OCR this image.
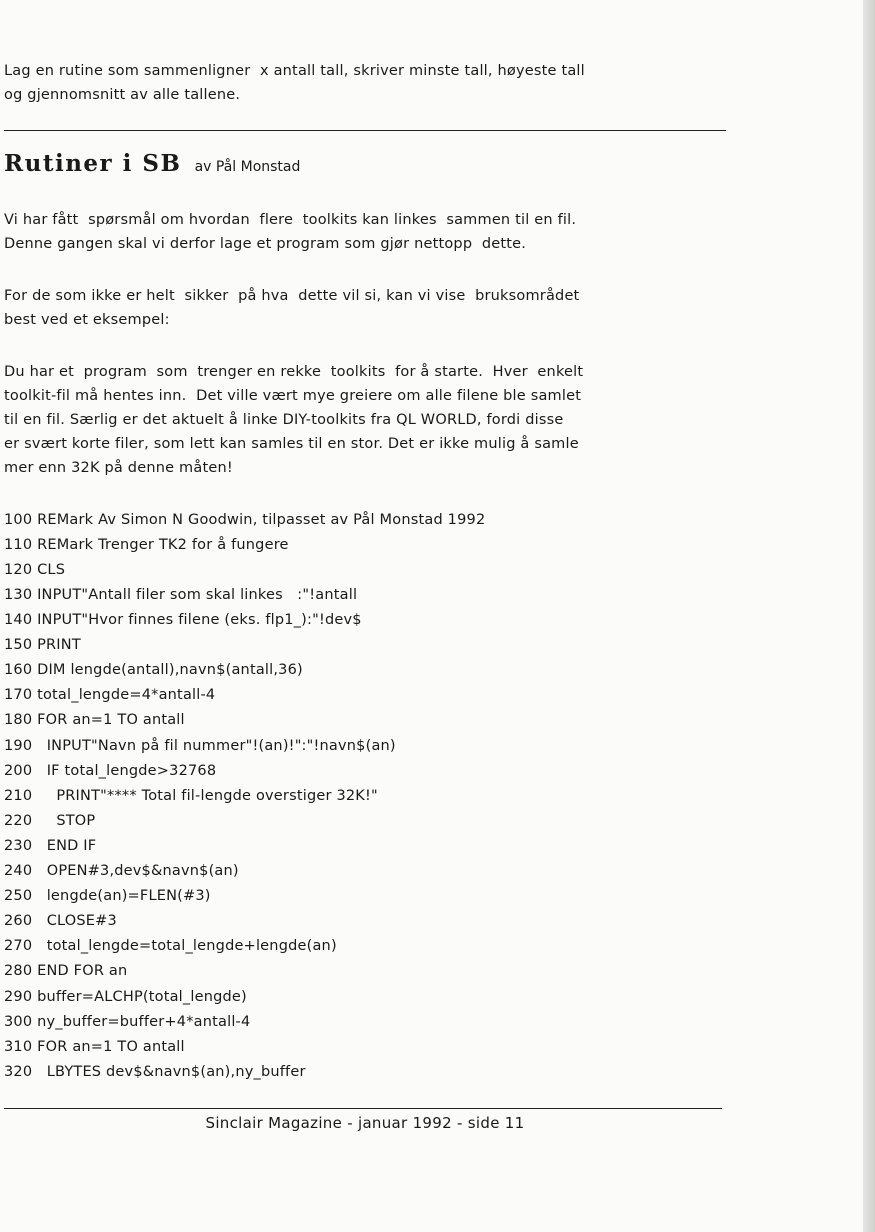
Lag en rutine som sammenligner  x antall tall, skriver minste tall, høyeste tall
og gjennomsnitt av alle tallene.
Rutiner i SB av Pål Monstad
Vi har fått  spørsmål om hvordan  flere  toolkits kan linkes  sammen til en fil.
Denne gangen skal vi derfor lage et program som gjør nettopp  dette.
For de som ikke er helt  sikker  på hva  dette vil si, kan vi vise  bruksområdet
best ved et eksempel:
Du har et  program  som  trenger en rekke  toolkits  for å starte.  Hver  enkelt
toolkit-fil må hentes inn.  Det ville vært mye greiere om alle filene ble samlet
til en fil. Særlig er det aktuelt å linke DIY-toolkits fra QL WORLD, fordi disse
er svært korte filer, som lett kan samles til en stor. Det er ikke mulig å samle
mer enn 32K på denne måten!
100 REMark Av Simon N Goodwin, tilpasset av Pål Monstad 1992
110 REMark Trenger TK2 for å fungere
120 CLS
130 INPUT"Antall filer som skal linkes   :"!antall
140 INPUT"Hvor finnes filene (eks. flp1_):"!dev$
150 PRINT
160 DIM lengde(antall),navn$(antall,36)
170 total_lengde=4*antall-4
180 FOR an=1 TO antall
190   INPUT"Navn på fil nummer"!(an)!":"!navn$(an)
200   IF total_lengde>32768
210     PRINT"**** Total fil-lengde overstiger 32K!"
220     STOP
230   END IF
240   OPEN#3,dev$&navn$(an)
250   lengde(an)=FLEN(#3)
260   CLOSE#3
270   total_lengde=total_lengde+lengde(an)
280 END FOR an
290 buffer=ALCHP(total_lengde)
300 ny_buffer=buffer+4*antall-4
310 FOR an=1 TO antall
320   LBYTES dev$&navn$(an),ny_buffer
Sinclair Magazine - januar 1992 - side 11
